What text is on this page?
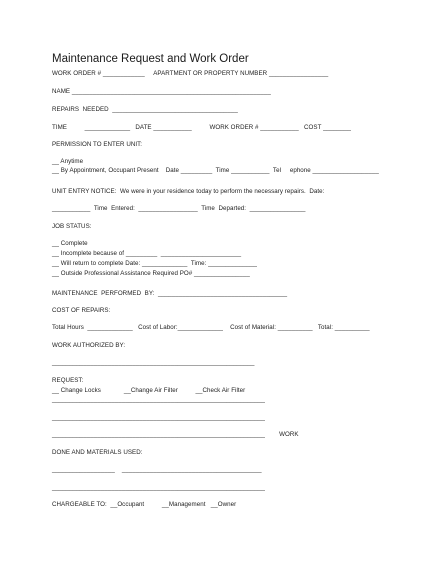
Maintenance Request and Work Order
WORK ORDER # ____________     APARTMENT OR PROPERTY NUMBER _________________
NAME _________________________________________________________
REPAIRS  NEEDED  ____________________________________
TIME          _____________   DATE ___________          WORK ORDER # ___________   COST ________
PERMISSION TO ENTER UNIT:
__ Anytime
__ By Appointment, Occupant Present    Date _________  Time ___________  Tel     ephone ___________________
UNIT ENTRY NOTICE:  We were in your residence today to perform the necessary repairs.  Date:
___________  Time  Entered:  _________________  Time  Departed:  ________________
JOB STATUS:
__ Complete
__ Incomplete because of _________  _______________________
__ Will return to complete Date: _____________  Time: ______________
__ Outside Professional Assistance Required PO# ________________
MAINTENANCE  PERFORMED  BY:  _____________________________________
COST OF REPAIRS:
Total Hours  _____________   Cost of Labor:_____________    Cost of Material: __________   Total: __________
WORK AUTHORIZED BY:
__________________________________________________________
REQUEST:
__ Change Locks             __Change Air Filter          __Check Air Filter
_____________________________________________________________
_____________________________________________________________
_____________________________________________________________        WORK
DONE AND MATERIALS USED:
__________________    ________________________________________
_____________________________________________________________
CHARGEABLE TO:  __Occupant          __Management   __Owner
